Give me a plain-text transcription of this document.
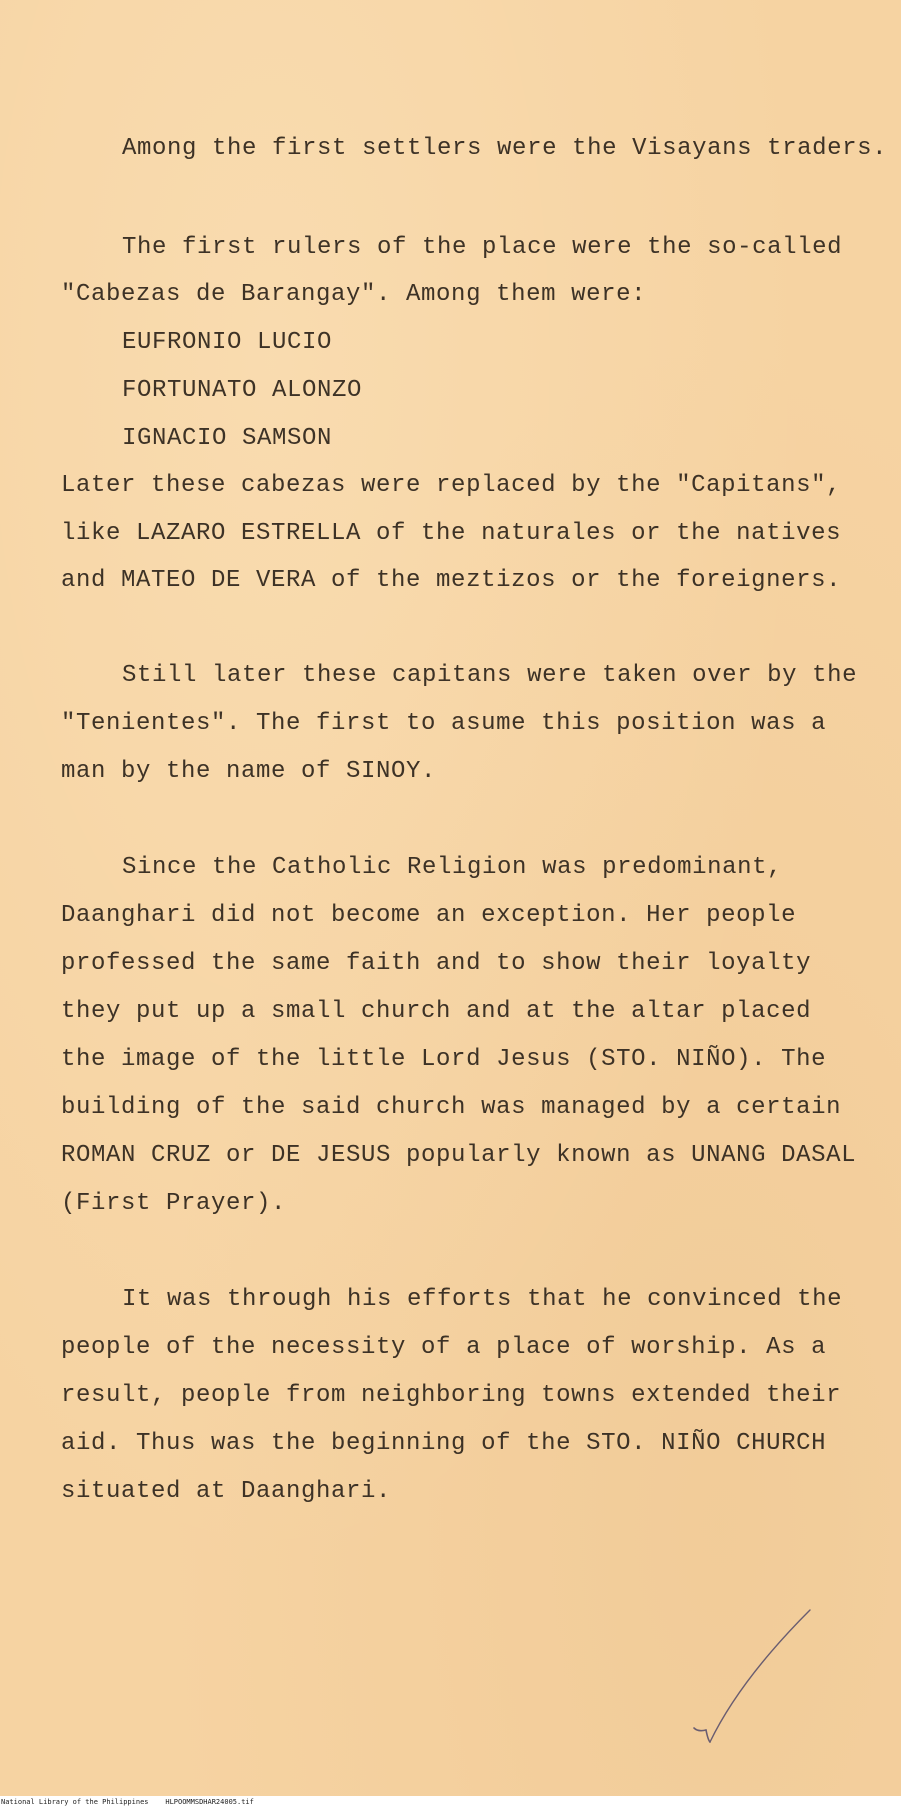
Among the first settlers were the Visayans traders.

The first rulers of the place were the so-called

"Cabezas de Barangay". Among them were:

EUFRONIO LUCIO

FORTUNATO ALONZO

IGNACIO SAMSON

Later these cabezas were replaced by the "Capitans",

like LAZARO ESTRELLA of the naturales or the natives

and MATEO DE VERA of the meztizos or the foreigners.

Still later these capitans were taken over by the

"Tenientes". The first to asume this position was a

man by the name of SINOY.

Since the Catholic Religion was predominant,

Daanghari did not become an exception. Her people

professed the same faith and to show their loyalty

they put up a small church and at the altar placed

the image of the little Lord Jesus (STO. NIÑO). The

building of the said church was managed by a certain

ROMAN CRUZ or DE JESUS popularly known as UNANG DASAL

(First Prayer).

It was through his efforts that he convinced the

people of the necessity of a place of worship. As a

result, people from neighboring towns extended their

aid. Thus was the beginning of the STO. NIÑO CHURCH

situated at Daanghari.

National Library of the Philippines    HLPOOMMSDHAR24005.tif
